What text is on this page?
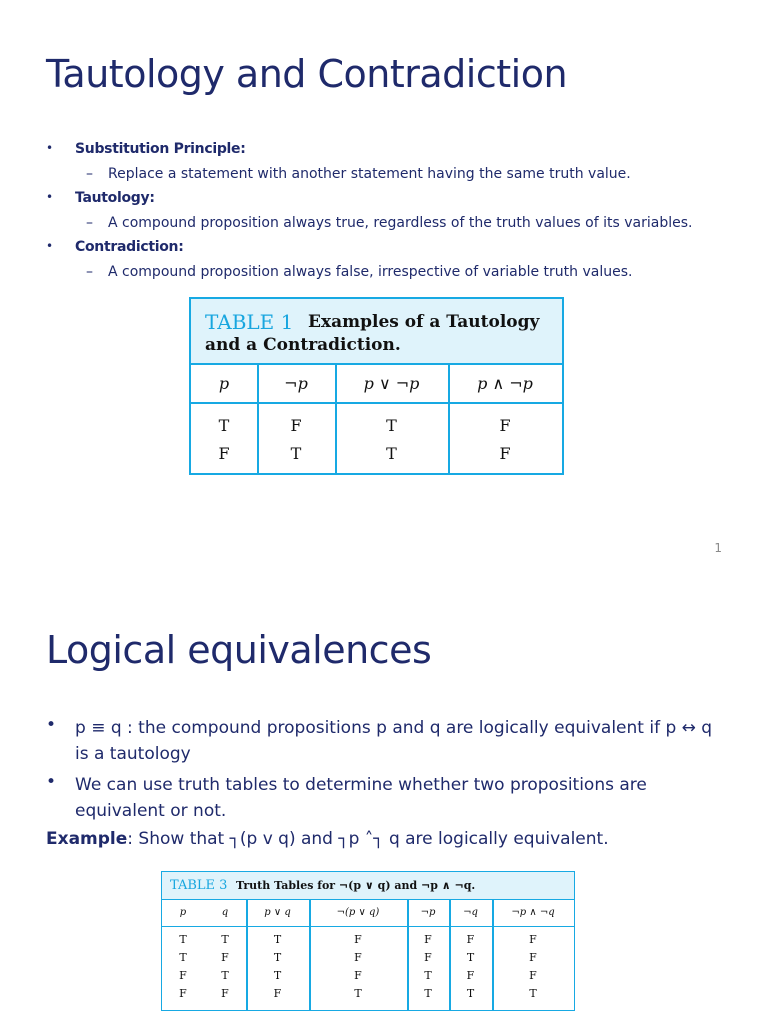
Tautology and Contradiction
• Substitution Principle:
– Replace a statement with another statement having the same truth value.
• Tautology:
– A compound proposition always true, regardless of the truth values of its variables.
• Contradiction:
– A compound proposition always false, irrespective of variable truth values.
TABLE 1 Examples of a Tautology
and a Contradiction.
p	¬p	p ∨ ¬p	p ∧ ¬p
T	F	T	F
F	T	T	F
1
Logical equivalences
• p ≡ q : the compound propositions p and q are logically equivalent if p ↔ q is a tautology
• We can use truth tables to determine whether two propositions are equivalent or not.
Example: Show that ┐(p v q) and ┐p ˄┐ q are logically equivalent.
TABLE 3 Truth Tables for ¬(p ∨ q) and ¬p ∧ ¬q.
p	q	p ∨ q	¬(p ∨ q)	¬p	¬q	¬p ∧ ¬q
T	T	T	F	F	F	F
T	F	T	F	F	T	F
F	T	T	F	T	F	F
F	F	F	T	T	T	T
